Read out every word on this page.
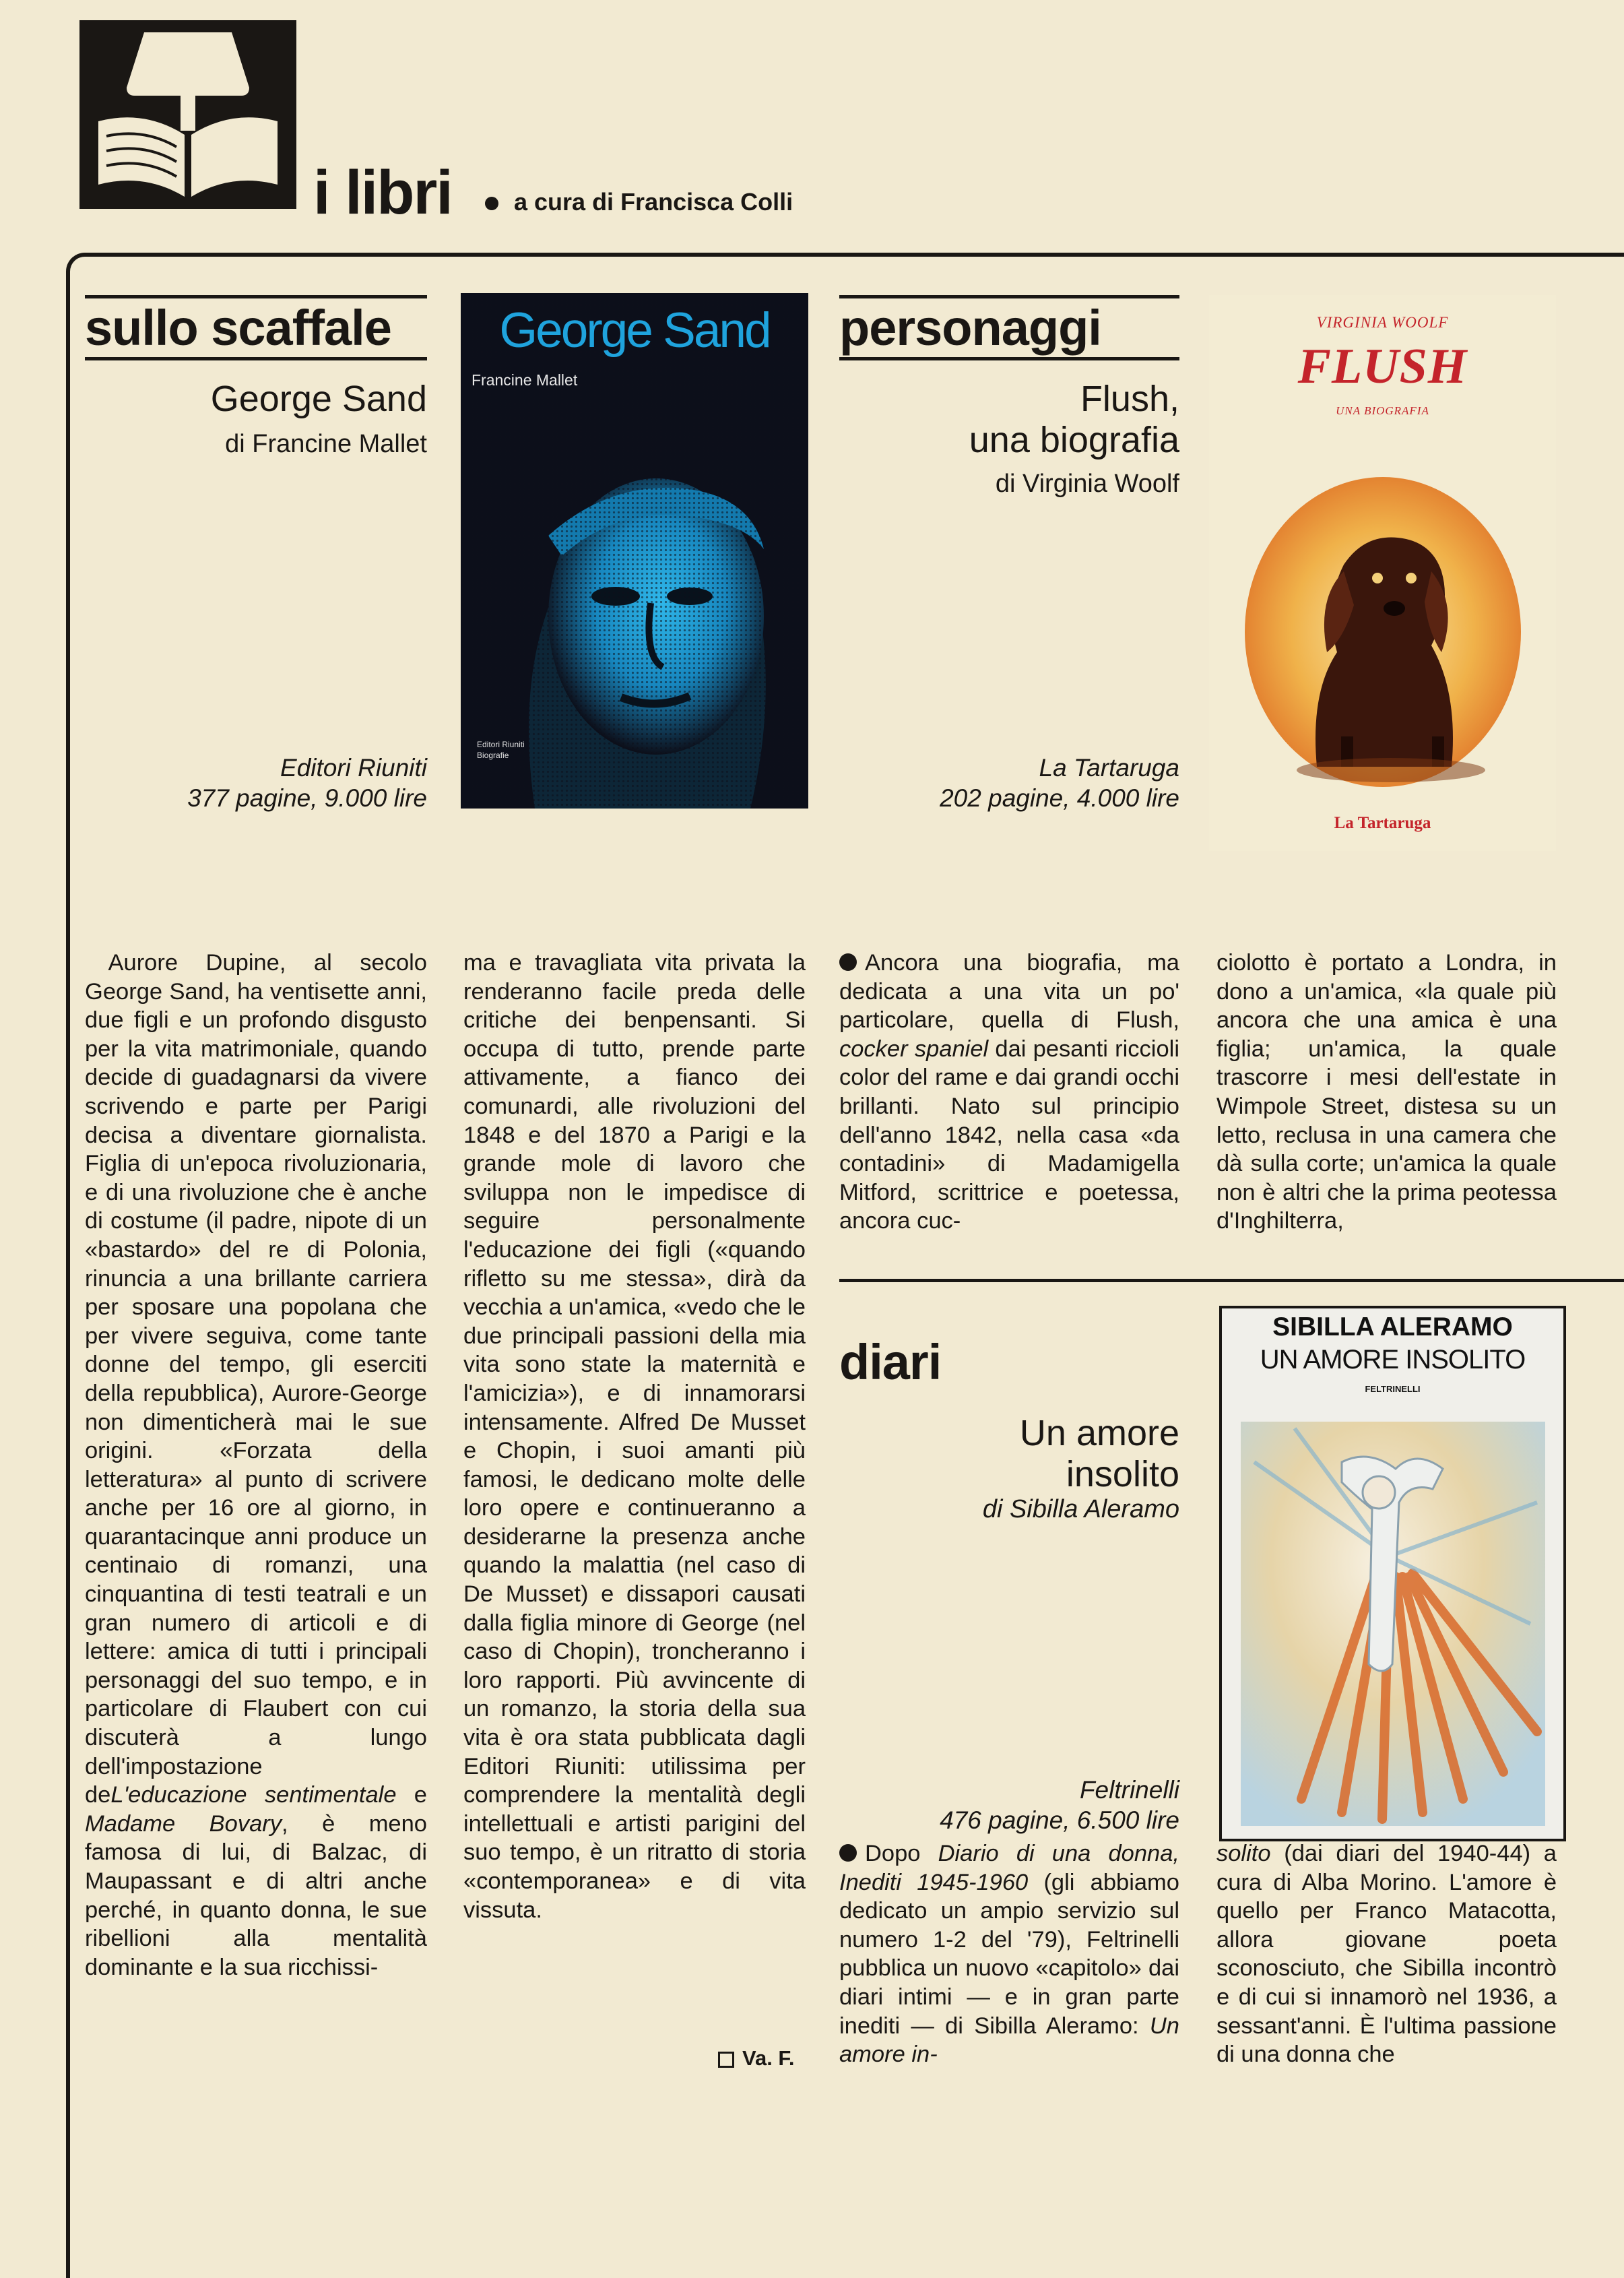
i libri	a cura di Francisca Colli
sullo scaffale
George Sand
di Francine Mallet
Editori Riuniti
377 pagine, 9.000 lire
George Sand
Francine Mallet
Editori Riuniti
Biografie
personaggi
Flush,
una biografia
di Virginia Woolf
La Tartaruga
202 pagine, 4.000 lire
VIRGINIA WOOLF
FLUSH
UNA BIOGRAFIA
La Tartaruga

Aurore Dupine, al secolo George Sand, ha ventisette anni, due figli e un profondo disgusto per la vita matrimoniale, quando decide di guadagnarsi da vivere scrivendo e parte per Parigi decisa a diventare giornalista. Figlia di un'epoca rivoluzionaria, e di una rivoluzione che è anche di costume (il padre, nipote di un «bastardo» del re di Polonia, rinuncia a una brillante carriera per sposare una popolana che per vivere seguiva, come tante donne del tempo, gli eserciti della repubblica), Aurore-George non dimenticherà mai le sue origini. «Forzata della letteratura» al punto di scrivere anche per 16 ore al giorno, in quarantacinque anni produce un centinaio di romanzi, una cinquantina di testi teatrali e un gran numero di articoli e di lettere: amica di tutti i principali personaggi del suo tempo, e in particolare di Flaubert con cui discuterà a lungo dell'impostazione deL'educazione sentimentale e Madame Bovary, è meno famosa di lui, di Balzac, di Maupassant e di altri anche perché, in quanto donna, le sue ribellioni alla mentalità dominante e la sua ricchissi-

ma e travagliata vita privata la renderanno facile preda delle critiche dei benpensanti. Si occupa di tutto, prende parte attivamente, a fianco dei comunardi, alle rivoluzioni del 1848 e del 1870 a Parigi e la grande mole di lavoro che sviluppa non le impedisce di seguire personalmente l'educazione dei figli («quando rifletto su me stessa», dirà da vecchia a un'amica, «vedo che le due principali passioni della mia vita sono state la maternità e l'amicizia»), e di innamorarsi intensamente. Alfred De Musset e Chopin, i suoi amanti più famosi, le dedicano molte delle loro opere e continueranno a desiderarne la presenza anche quando la malattia (nel caso di De Musset) e dissapori causati dalla figlia minore di George (nel caso di Chopin), troncheranno i loro rapporti. Più avvincente di un romanzo, la storia della sua vita è ora stata pubblicata dagli Editori Riuniti: utilissima per comprendere la mentalità degli intellettuali e artisti parigini del suo tempo, è un ritratto di storia «contemporanea» e di vita vissuta.

Va. F.

Ancora una biografia, ma dedicata a una vita un po' particolare, quella di Flush, cocker spaniel dai pesanti riccioli color del rame e dai grandi occhi brillanti. Nato sul principio dell'anno 1842, nella casa «da contadini» di Madamigella Mitford, scrittrice e poetessa, ancora cuc-

ciolotto è portato a Londra, in dono a un'amica, «la quale più ancora che una amica è una figlia; un'amica, la quale trascorre i mesi dell'estate in Wimpole Street, distesa su un letto, reclusa in una camera che dà sulla corte; un'amica la quale non è altri che la prima peotessa d'Inghilterra,

diari
Un amore
insolito
di Sibilla Aleramo
Feltrinelli
476 pagine, 6.500 lire
SIBILLA ALERAMO
UN AMORE INSOLITO
FELTRINELLI

Dopo Diario di una donna, Inediti 1945-1960 (gli abbiamo dedicato un ampio servizio sul numero 1-2 del '79), Feltrinelli pubblica un nuovo «capitolo» dai diari intimi — e in gran parte inediti — di Sibilla Aleramo: Un amore in-

solito (dai diari del 1940-44) a cura di Alba Morino. L'amore è quello per Franco Matacotta, allora giovane poeta sconosciuto, che Sibilla incontrò e di cui si innamorò nel 1936, a sessant'anni. È l'ultima passione di una donna che
